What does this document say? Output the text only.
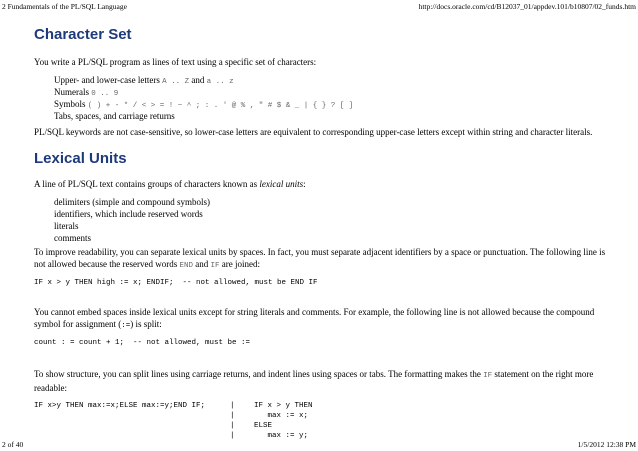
2 Fundamentals of the PL/SQL Language	http://docs.oracle.com/cd/B12037_01/appdev.101/b10807/02_funds.htm
Character Set
You write a PL/SQL program as lines of text using a specific set of characters:
Upper- and lower-case letters A .. Z and a .. z
Numerals 0 .. 9
Symbols ( ) + - * / < > = ! ~ ^ ; : . ' @ % , " # $ & _ | { } ? [ ]
Tabs, spaces, and carriage returns
PL/SQL keywords are not case-sensitive, so lower-case letters are equivalent to corresponding upper-case letters except within string and character literals.
Lexical Units
A line of PL/SQL text contains groups of characters known as lexical units:
delimiters (simple and compound symbols)
identifiers, which include reserved words
literals
comments
To improve readability, you can separate lexical units by spaces. In fact, you must separate adjacent identifiers by a space or punctuation. The following line is not allowed because the reserved words END and IF are joined:
IF x > y THEN high := x; ENDIF;  -- not allowed, must be END IF
You cannot embed spaces inside lexical units except for string literals and comments. For example, the following line is not allowed because the compound symbol for assignment (:=) is split:
count : = count + 1;  -- not allowed, must be :=
To show structure, you can split lines using carriage returns, and indent lines using spaces or tabs. The formatting makes the IF statement on the right more readable:
IF x>y THEN max:=x;ELSE max:=y;END IF;	|
|
|
|
IF x > y THEN
max := x;
ELSE
max := y;
2 of 40	1/5/2012 12:38 PM
